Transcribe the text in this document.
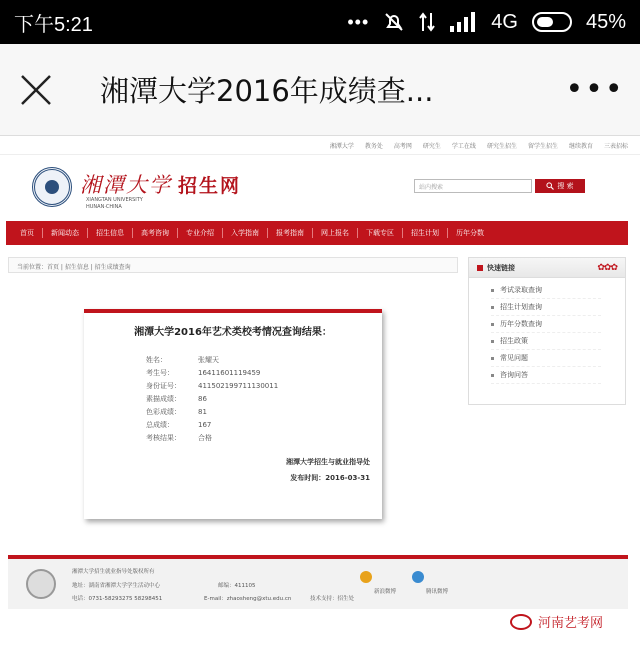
下午5:21	•••	4G	45%
湘潭大学2016年成绩查...	•••
湘潭大学 教务处 高考网 研究生 学工在线 研究生招生 留学生招生 继续教育 三表招标
湘潭大学
XIANGTAN UNIVERSITY HUNAN·CHINA
招生网	站内搜索	搜 索
首页	新闻动态	招生信息	高考咨询	专业介绍	入学指南	报考指南	网上报名	下载专区	招生计划	历年分数
当前位置：首页 | 招生信息 | 招生成绩查询
湘潭大学2016年艺术类校考情况查询结果：
姓名：	张耀天
考生号：	16411601119459
身份证号：	411502199711130011
素描成绩：	86
色彩成绩：	81
总成绩：	167
考核结果：	合格
湘潭大学招生与就业指导处
发布时间：2016-03-31
快速链接	✿✿✿
考试录取查询
招生计划查询
历年分数查询
招生政策
常见问题
咨询问答
湘潭大学招生就业指导处版权所有
地址：湖南省湘潭大学学生活动中心	邮编：411105
电话：0731-58293275 58298451	E-mail：zhaosheng@xtu.edu.cn	技术支持：招生处
新浪微博	腾讯微博
河南艺考网
